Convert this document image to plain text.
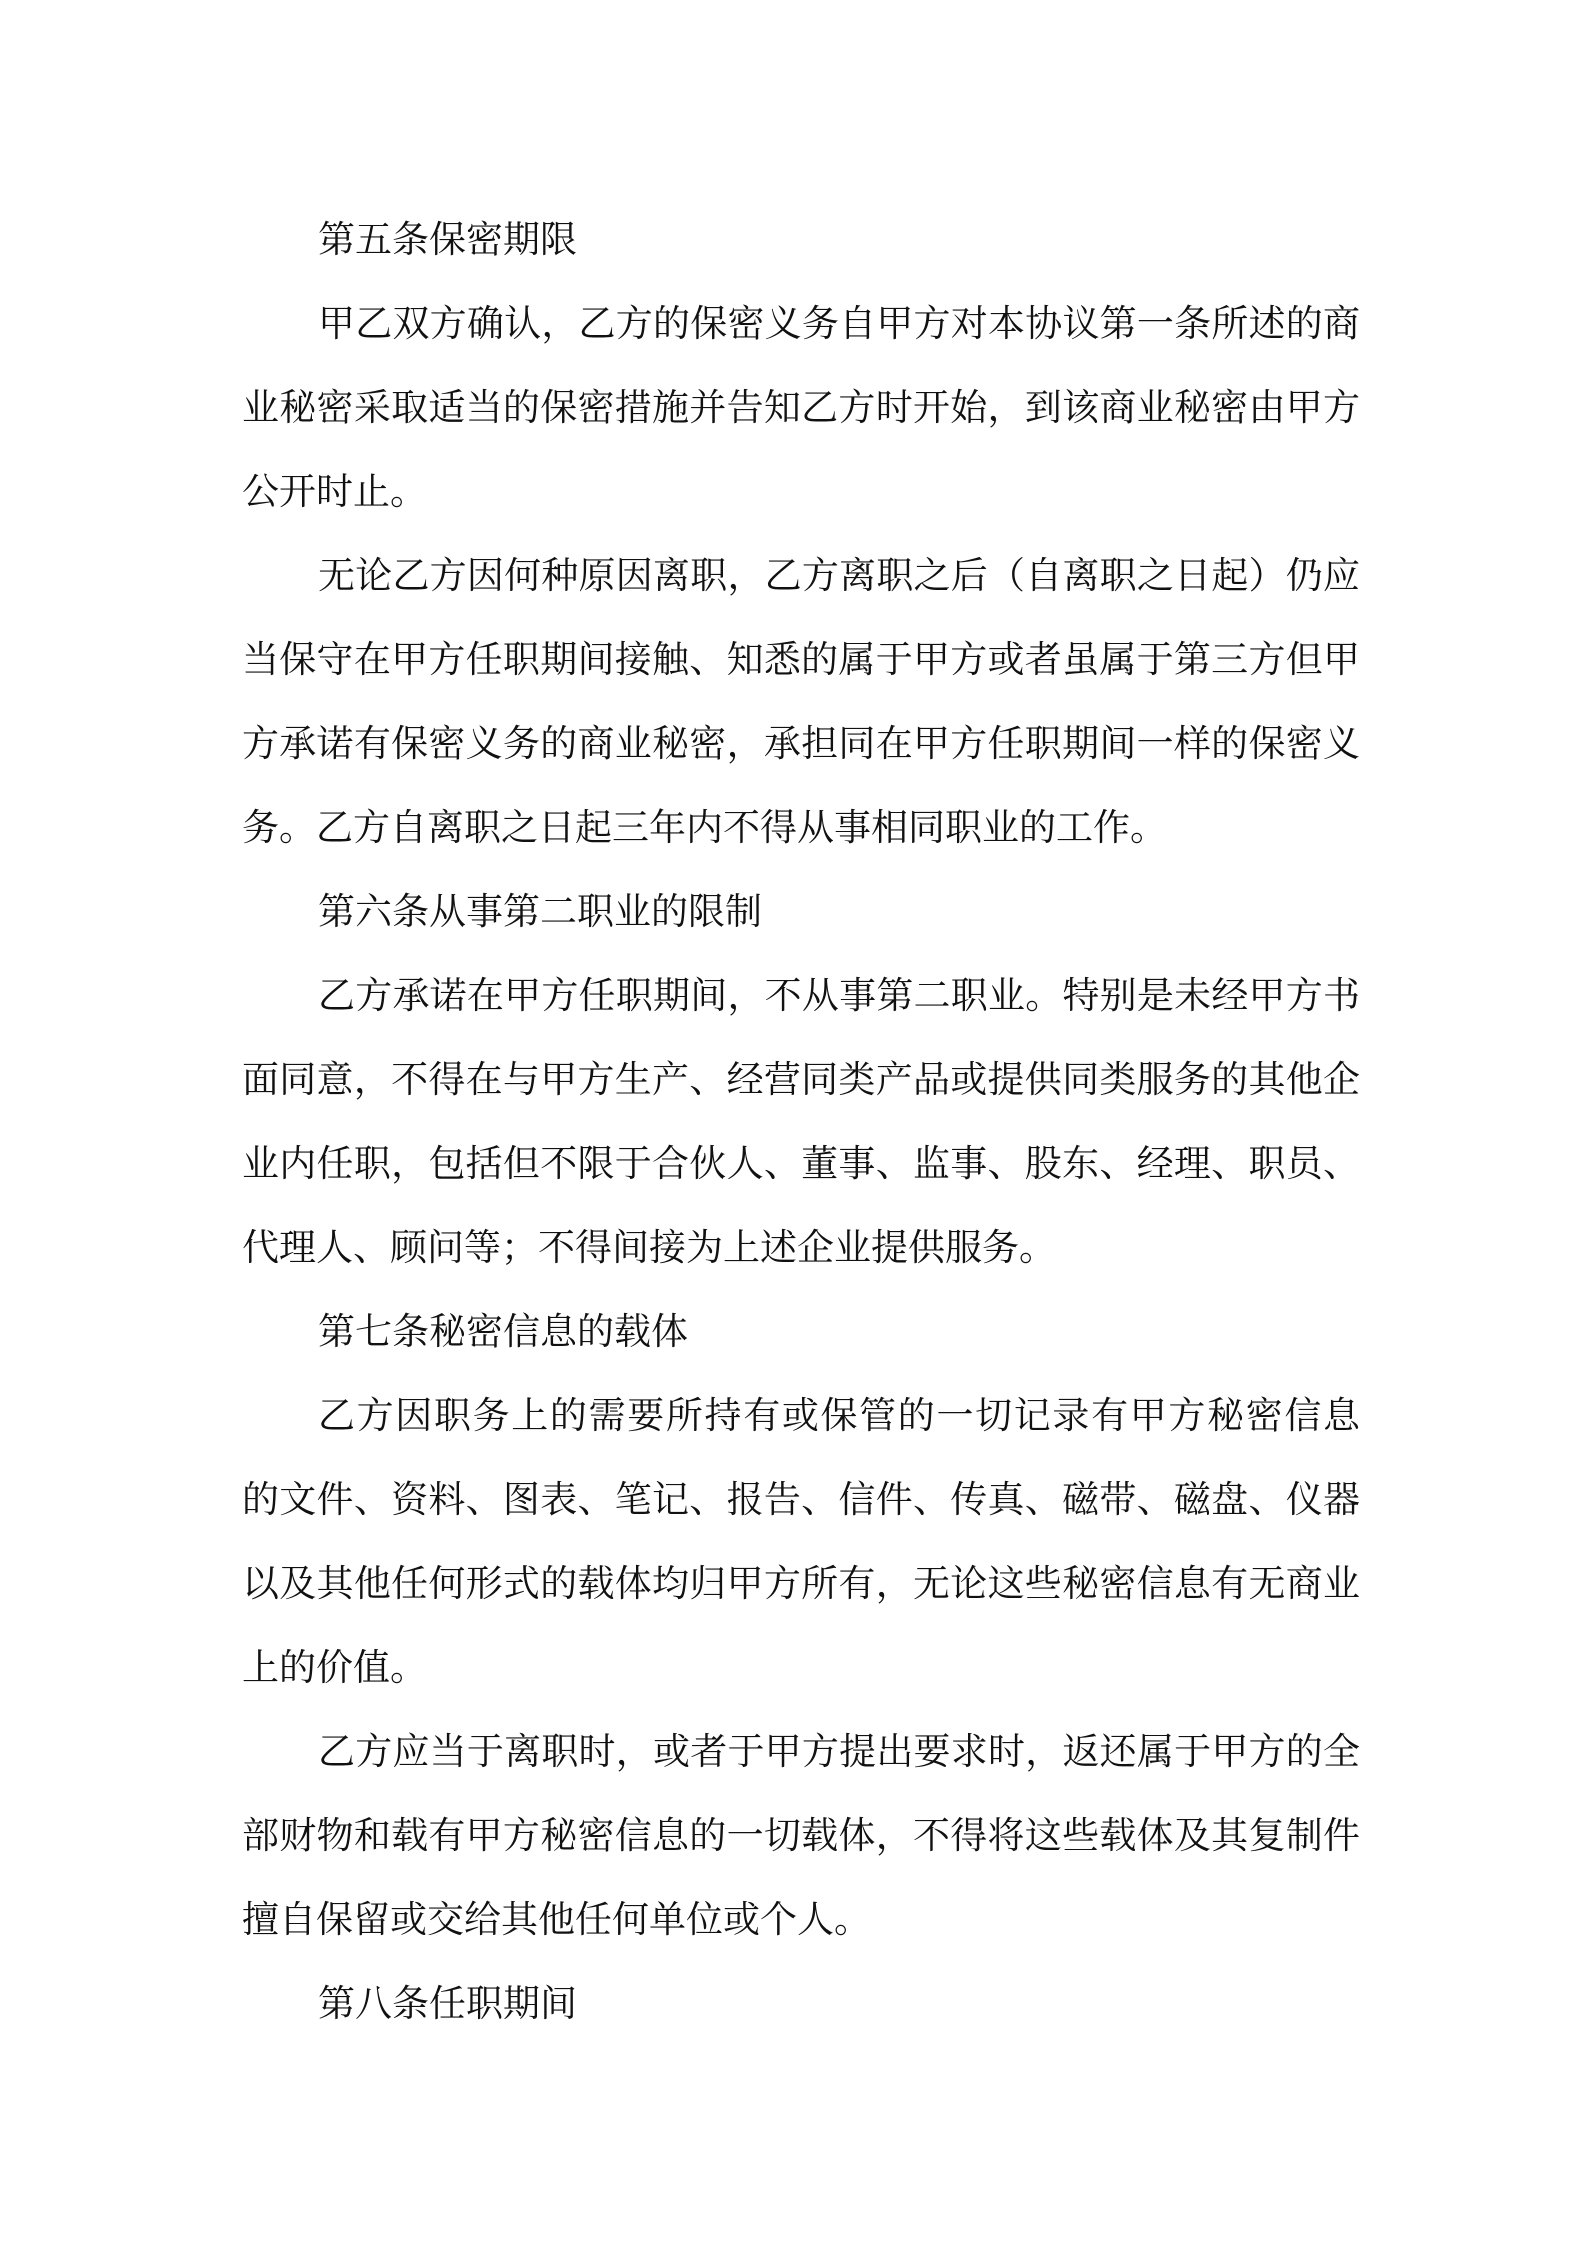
第五条保密期限

甲乙双方确认，乙方的保密义务自甲方对本协议第一条所述的商
业秘密采取适当的保密措施并告知乙方时开始，到该商业秘密由甲方
公开时止。

无论乙方因何种原因离职，乙方离职之后（自离职之日起）仍应
当保守在甲方任职期间接触、知悉的属于甲方或者虽属于第三方但甲
方承诺有保密义务的商业秘密，承担同在甲方任职期间一样的保密义
务。乙方自离职之日起三年内不得从事相同职业的工作。

第六条从事第二职业的限制

乙方承诺在甲方任职期间，不从事第二职业。特别是未经甲方书
面同意，不得在与甲方生产、经营同类产品或提供同类服务的其他企
业内任职，包括但不限于合伙人、董事、监事、股东、经理、职员、
代理人、顾问等；不得间接为上述企业提供服务。

第七条秘密信息的载体

乙方因职务上的需要所持有或保管的一切记录有甲方秘密信息
的文件、资料、图表、笔记、报告、信件、传真、磁带、磁盘、仪器
以及其他任何形式的载体均归甲方所有，无论这些秘密信息有无商业
上的价值。

乙方应当于离职时，或者于甲方提出要求时，返还属于甲方的全
部财物和载有甲方秘密信息的一切载体，不得将这些载体及其复制件
擅自保留或交给其他任何单位或个人。

第八条任职期间
